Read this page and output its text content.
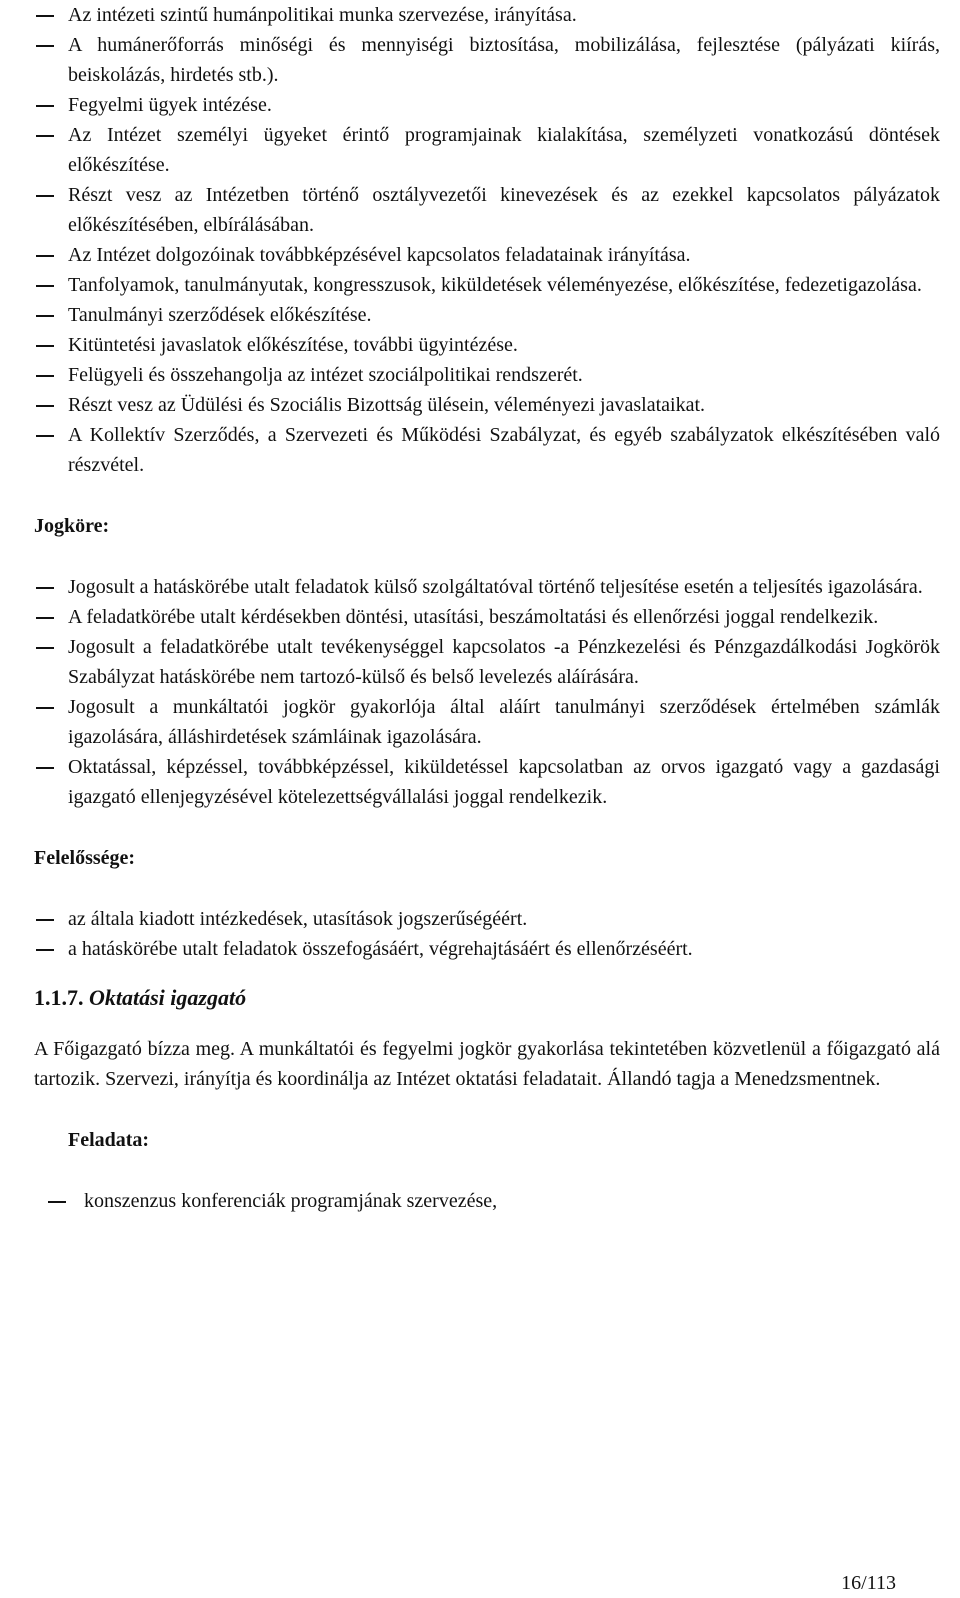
Az intézeti szintű humánpolitikai munka szervezése, irányítása.
A humánerőforrás minőségi és mennyiségi biztosítása, mobilizálása, fejlesztése (pályázati kiírás, beiskolázás, hirdetés stb.).
Fegyelmi ügyek intézése.
Az Intézet személyi ügyeket érintő programjainak kialakítása, személyzeti vonatkozású döntések előkészítése.
Részt vesz az Intézetben történő osztályvezetői kinevezések és az ezekkel kapcsolatos pályázatok előkészítésében, elbírálásában.
Az Intézet dolgozóinak továbbképzésével kapcsolatos feladatainak irányítása.
Tanfolyamok, tanulmányutak, kongresszusok, kiküldetések véleményezése, előkészítése, fedezetigazolása.
Tanulmányi szerződések előkészítése.
Kitüntetési javaslatok előkészítése, további ügyintézése.
Felügyeli és összehangolja az intézet szociálpolitikai rendszerét.
Részt vesz az Üdülési és Szociális Bizottság ülésein, véleményezi javaslataikat.
A Kollektív Szerződés, a Szervezeti és Működési Szabályzat, és egyéb szabályzatok elkészítésében való részvétel.

Jogköre:

Jogosult a hatáskörébe utalt feladatok külső szolgáltatóval történő teljesítése esetén a teljesítés igazolására.
A feladatkörébe utalt kérdésekben döntési, utasítási, beszámoltatási és ellenőrzési joggal rendelkezik.
Jogosult a feladatkörébe utalt tevékenységgel kapcsolatos -a Pénzkezelési és Pénzgazdálkodási Jogkörök Szabályzat hatáskörébe nem tartozó-külső és belső levelezés aláírására.
Jogosult a munkáltatói jogkör gyakorlója által aláírt tanulmányi szerződések értelmében számlák igazolására, álláshirdetések számláinak igazolására.
Oktatással, képzéssel, továbbképzéssel, kiküldetéssel kapcsolatban az orvos igazgató vagy a gazdasági igazgató ellenjegyzésével kötelezettségvállalási joggal rendelkezik.

Felelőssége:

az általa kiadott intézkedések, utasítások jogszerűségéért.
a hatáskörébe utalt feladatok összefogásáért, végrehajtásáért és ellenőrzéséért.

1.1.7. Oktatási igazgató

A Főigazgató bízza meg. A munkáltatói és fegyelmi jogkör gyakorlása tekintetében közvetlenül a főigazgató alá tartozik. Szervezi, irányítja és koordinálja az Intézet oktatási feladatait. Állandó tagja a Menedzsmentnek.

Feladata:

konszenzus konferenciák programjának szervezése,
16/113
